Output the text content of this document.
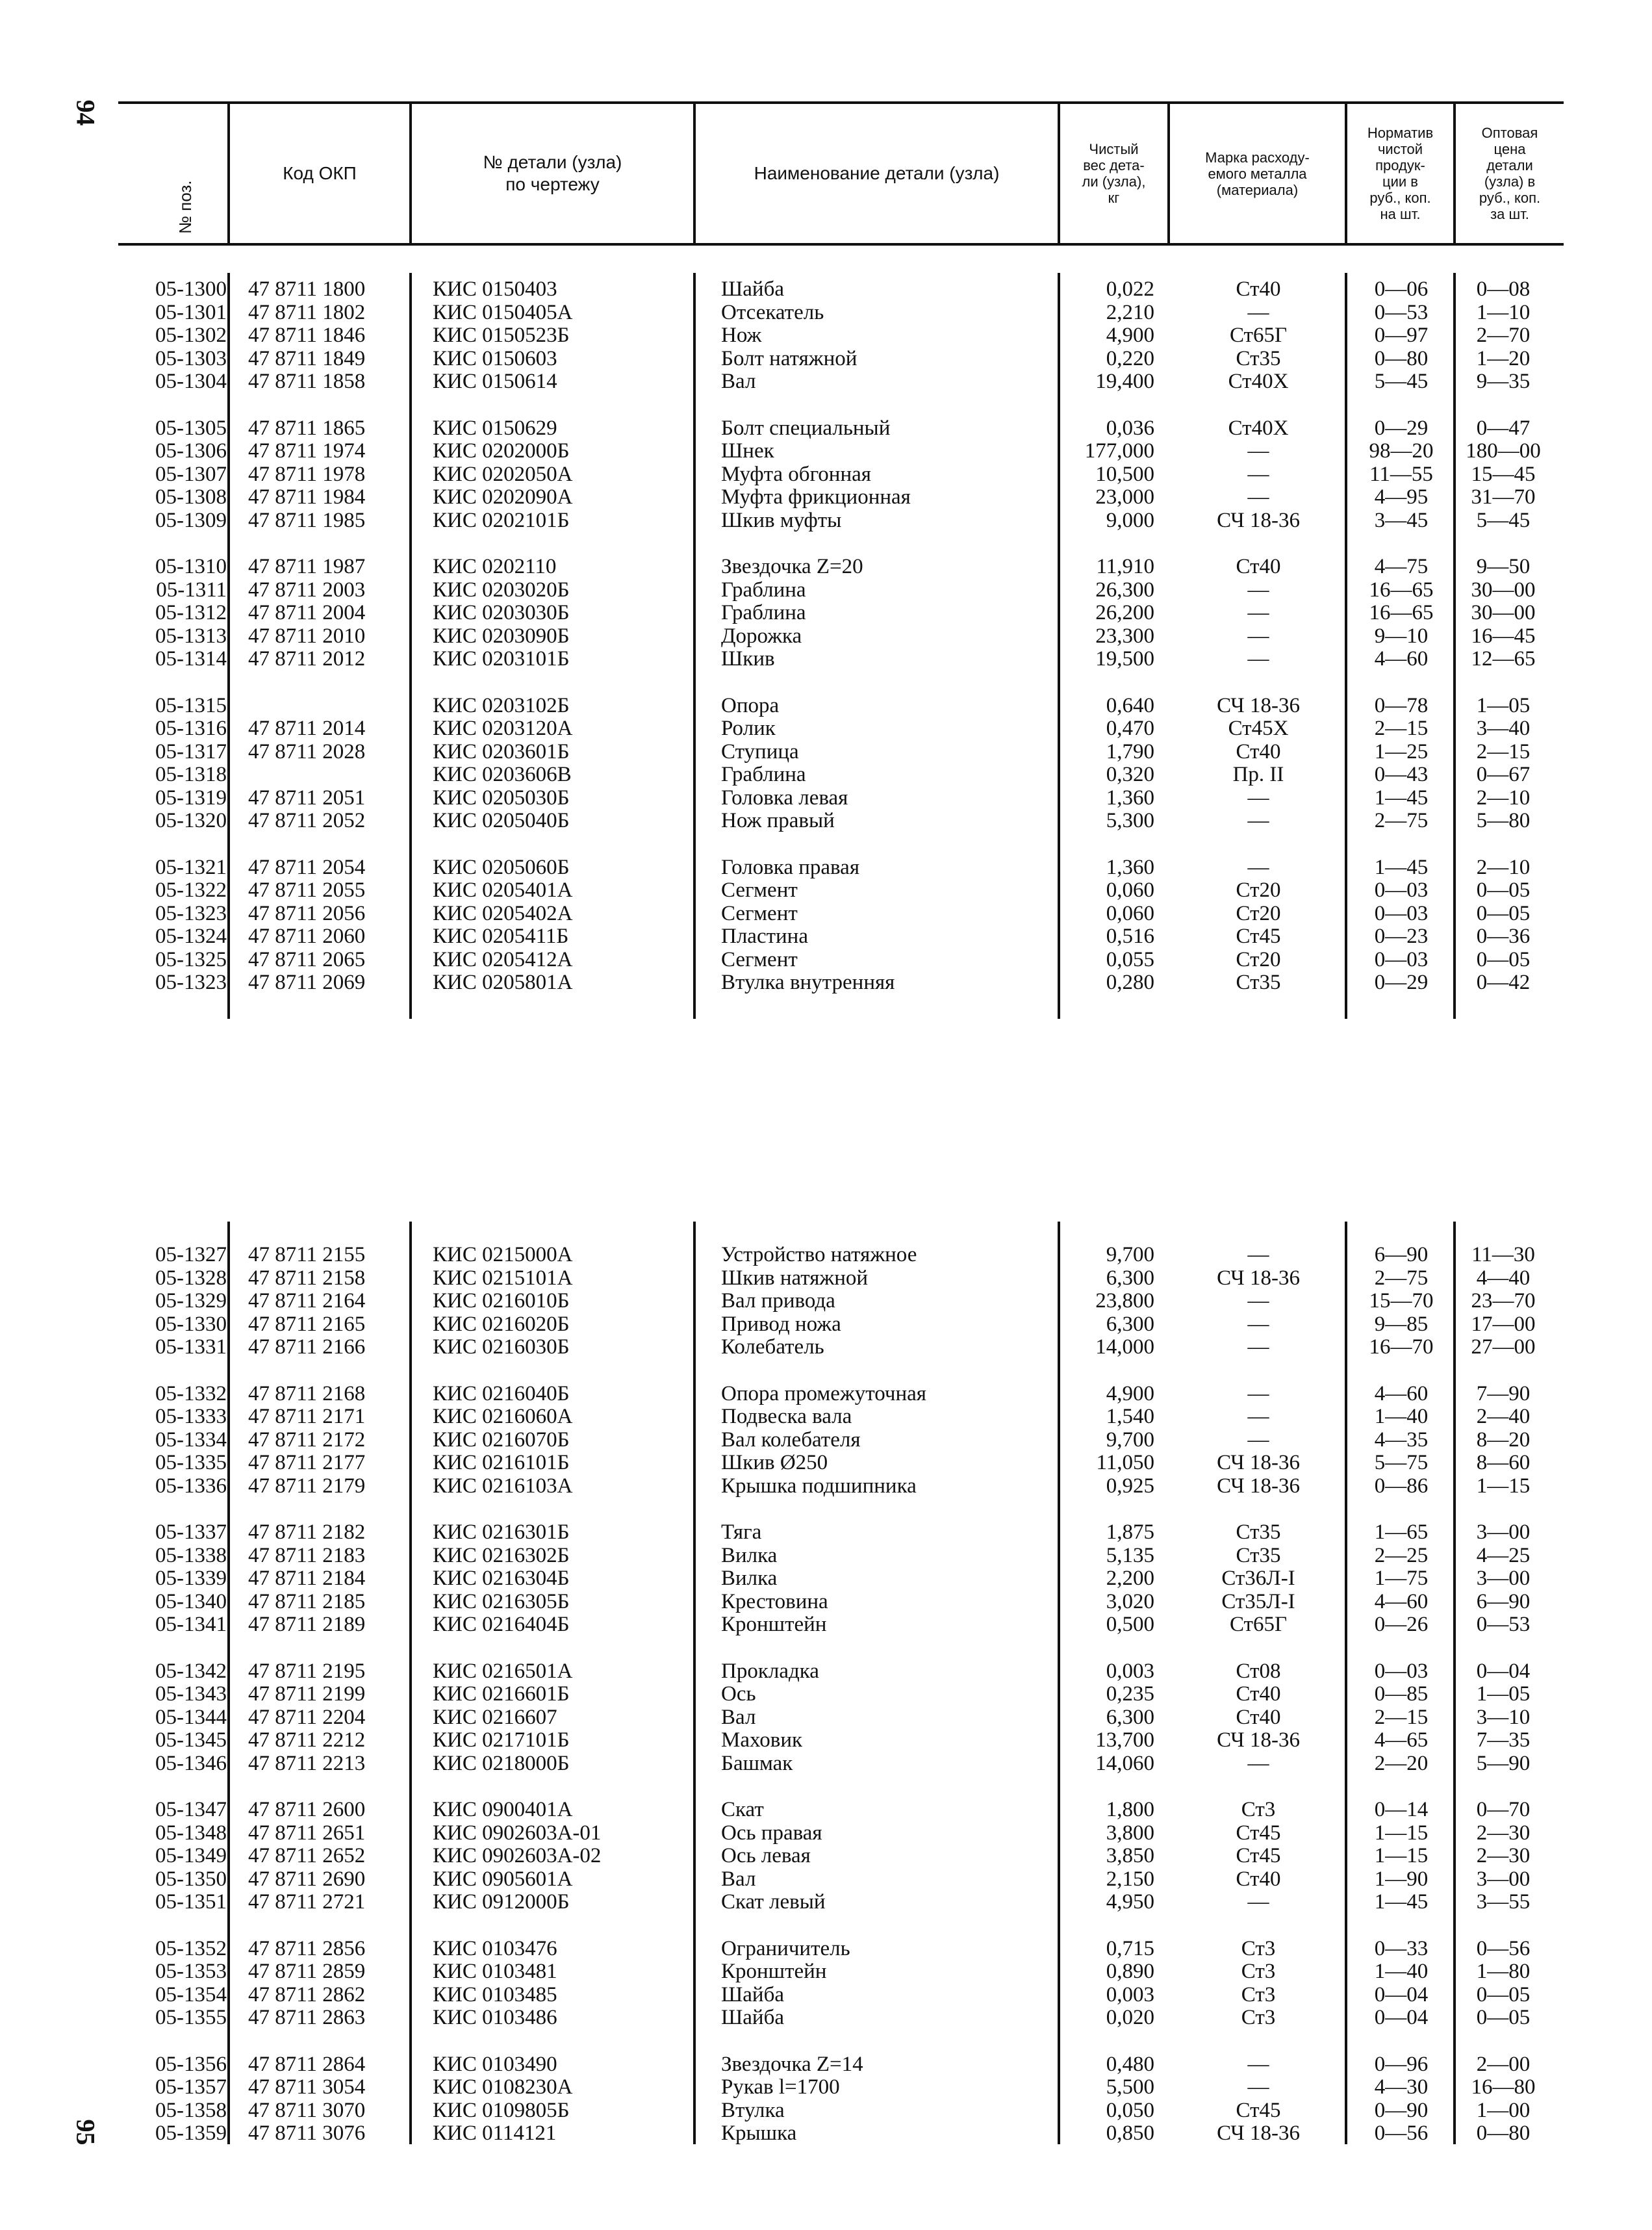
94
95
№ поз.
Код ОКП
№ детали (узла)
по чертежу
Наименование детали (узла)
Чистый
вес дета-
ли (узла),
кг
Марка расходу-
емого металла
(материала)
Норматив
чистой
продук-
ции в
руб., коп.
на шт.
Оптовая
цена
детали
(узла) в
руб., коп.
за шт.
05-1300 47 8711 1800	КИС 0150403	Шайба	0,022	Ст40	0—06	0—08
05-1301 47 8711 1802	КИС 0150405А	Отсекатель	2,210	—	0—53	1—10
05-1302 47 8711 1846	КИС 0150523Б	Нож	4,900	Ст65Г	0—97	2—70
05-1303 47 8711 1849	КИС 0150603	Болт натяжной	0,220	Ст35	0—80	1—20
05-1304 47 8711 1858	КИС 0150614	Вал	19,400	Ст40Х	5—45	9—35
05-1305 47 8711 1865	КИС 0150629	Болт специальный	0,036	Ст40Х	0—29	0—47
05-1306 47 8711 1974	КИС 0202000Б	Шнек	177,000	—	98—20	180—00
05-1307 47 8711 1978	КИС 0202050А	Муфта обгонная	10,500	—	11—55	15—45
05-1308 47 8711 1984	КИС 0202090А	Муфта фрикционная	23,000	—	4—95	31—70
05-1309 47 8711 1985	КИС 0202101Б	Шкив муфты	9,000	СЧ 18-36	3—45	5—45
05-1310 47 8711 1987	КИС 0202110	Звездочка Z=20	11,910	Ст40	4—75	9—50
05-1311 47 8711 2003	КИС 0203020Б	Граблина	26,300	—	16—65	30—00
05-1312 47 8711 2004	КИС 0203030Б	Граблина	26,200	—	16—65	30—00
05-1313 47 8711 2010	КИС 0203090Б	Дорожка	23,300	—	9—10	16—45
05-1314 47 8711 2012	КИС 0203101Б	Шкив	19,500	—	4—60	12—65
05-1315	КИС 0203102Б	Опора	0,640	СЧ 18-36	0—78	1—05
05-1316 47 8711 2014	КИС 0203120А	Ролик	0,470	Ст45Х	2—15	3—40
05-1317 47 8711 2028	КИС 0203601Б	Ступица	1,790	Ст40	1—25	2—15
05-1318	КИС 0203606В	Граблина	0,320	Пр. II	0—43	0—67
05-1319 47 8711 2051	КИС 0205030Б	Головка левая	1,360	—	1—45	2—10
05-1320 47 8711 2052	КИС 0205040Б	Нож правый	5,300	—	2—75	5—80
05-1321 47 8711 2054	КИС 0205060Б	Головка правая	1,360	—	1—45	2—10
05-1322 47 8711 2055	КИС 0205401А	Сегмент	0,060	Ст20	0—03	0—05
05-1323 47 8711 2056	КИС 0205402А	Сегмент	0,060	Ст20	0—03	0—05
05-1324 47 8711 2060	КИС 0205411Б	Пластина	0,516	Ст45	0—23	0—36
05-1325 47 8711 2065	КИС 0205412А	Сегмент	0,055	Ст20	0—03	0—05
05-1323 47 8711 2069	КИС 0205801А	Втулка внутренняя	0,280	Ст35	0—29	0—42
05-1327 47 8711 2155	КИС 0215000А	Устройство натяжное	9,700	—	6—90	11—30
05-1328 47 8711 2158	КИС 0215101А	Шкив натяжной	6,300	СЧ 18-36	2—75	4—40
05-1329 47 8711 2164	КИС 0216010Б	Вал привода	23,800	—	15—70	23—70
05-1330 47 8711 2165	КИС 0216020Б	Привод ножа	6,300	—	9—85	17—00
05-1331 47 8711 2166	КИС 0216030Б	Колебатель	14,000	—	16—70	27—00
05-1332 47 8711 2168	КИС 0216040Б	Опора промежуточная	4,900	—	4—60	7—90
05-1333 47 8711 2171	КИС 0216060А	Подвеска вала	1,540	—	1—40	2—40
05-1334 47 8711 2172	КИС 0216070Б	Вал колебателя	9,700	—	4—35	8—20
05-1335 47 8711 2177	КИС 0216101Б	Шкив Ø250	11,050	СЧ 18-36	5—75	8—60
05-1336 47 8711 2179	КИС 0216103А	Крышка подшипника	0,925	СЧ 18-36	0—86	1—15
05-1337 47 8711 2182	КИС 0216301Б	Тяга	1,875	Ст35	1—65	3—00
05-1338 47 8711 2183	КИС 0216302Б	Вилка	5,135	Ст35	2—25	4—25
05-1339 47 8711 2184	КИС 0216304Б	Вилка	2,200	Ст36Л-I	1—75	3—00
05-1340 47 8711 2185	КИС 0216305Б	Крестовина	3,020	Ст35Л-I	4—60	6—90
05-1341 47 8711 2189	КИС 0216404Б	Кронштейн	0,500	Ст65Г	0—26	0—53
05-1342 47 8711 2195	КИС 0216501А	Прокладка	0,003	Ст08	0—03	0—04
05-1343 47 8711 2199	КИС 0216601Б	Ось	0,235	Ст40	0—85	1—05
05-1344 47 8711 2204	КИС 0216607	Вал	6,300	Ст40	2—15	3—10
05-1345 47 8711 2212	КИС 0217101Б	Маховик	13,700	СЧ 18-36	4—65	7—35
05-1346 47 8711 2213	КИС 0218000Б	Башмак	14,060	—	2—20	5—90
05-1347 47 8711 2600	КИС 0900401А	Скат	1,800	Ст3	0—14	0—70
05-1348 47 8711 2651	КИС 0902603А-01	Ось правая	3,800	Ст45	1—15	2—30
05-1349 47 8711 2652	КИС 0902603А-02	Ось левая	3,850	Ст45	1—15	2—30
05-1350 47 8711 2690	КИС 0905601А	Вал	2,150	Ст40	1—90	3—00
05-1351 47 8711 2721	КИС 0912000Б	Скат левый	4,950	—	1—45	3—55
05-1352 47 8711 2856	КИС 0103476	Ограничитель	0,715	Ст3	0—33	0—56
05-1353 47 8711 2859	КИС 0103481	Кронштейн	0,890	Ст3	1—40	1—80
05-1354 47 8711 2862	КИС 0103485	Шайба	0,003	Ст3	0—04	0—05
05-1355 47 8711 2863	КИС 0103486	Шайба	0,020	Ст3	0—04	0—05
05-1356 47 8711 2864	КИС 0103490	Звездочка Z=14	0,480	—	0—96	2—00
05-1357 47 8711 3054	КИС 0108230А	Рукав l=1700	5,500	—	4—30	16—80
05-1358 47 8711 3070	КИС 0109805Б	Втулка	0,050	Ст45	0—90	1—00
05-1359 47 8711 3076	КИС 0114121	Крышка	0,850	СЧ 18-36	0—56	0—80
